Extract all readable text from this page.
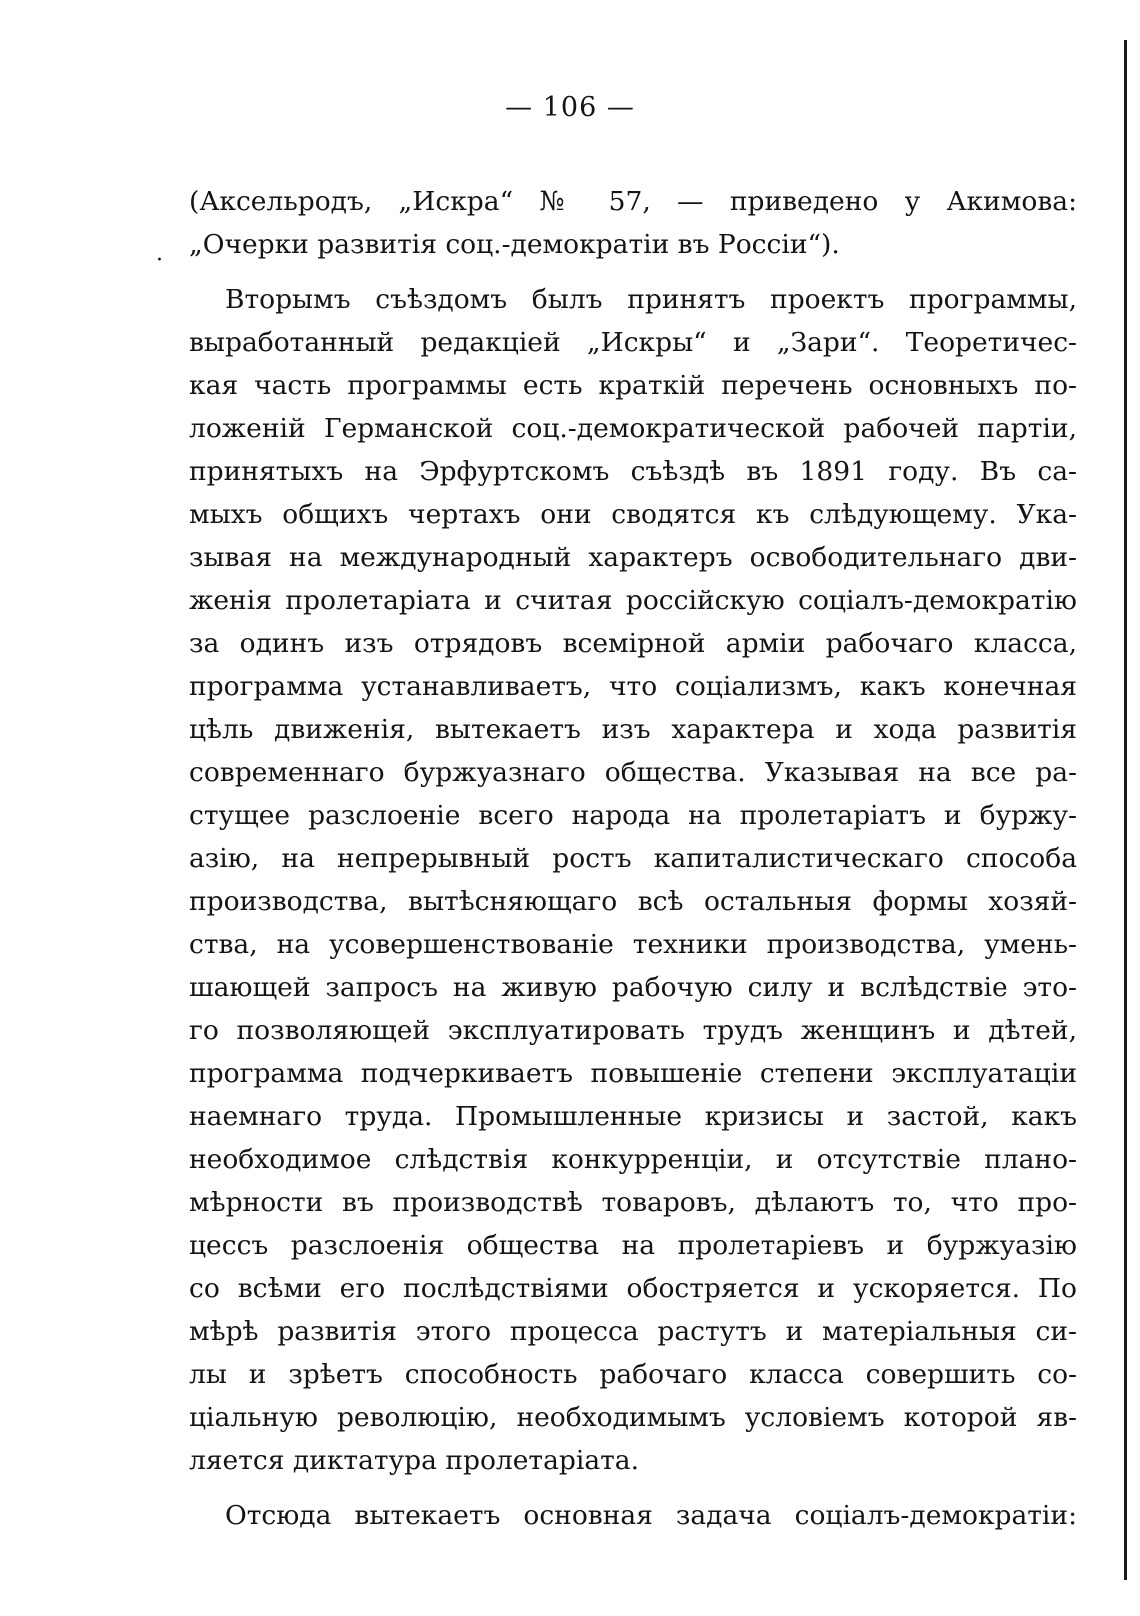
— 106 —
·
(Аксельродъ, „Искра“ № 57, — приведено у Акимова:
„Очерки развитія соц.-демократіи въ Россіи“).
Вторымъ съѣздомъ былъ принятъ проектъ программы,
выработанный редакціей „Искры“ и „Зари“. Теоретичес-
кая часть программы есть краткій перечень основныхъ по-
ложеній Германской соц.-демократической рабочей партіи,
принятыхъ на Эрфуртскомъ съѣздѣ въ 1891 году. Въ са-
мыхъ общихъ чертахъ они сводятся къ слѣдующему. Ука-
зывая на международный характеръ освободительнаго дви-
женія пролетаріата и считая россійскую соціалъ-демократію
за одинъ изъ отрядовъ всемірной арміи рабочаго класса,
программа устанавливаетъ, что соціализмъ, какъ конечная
цѣль движенія, вытекаетъ изъ характера и хода развитія
современнаго буржуазнаго общества. Указывая на все ра-
стущее разслоеніе всего народа на пролетаріатъ и буржу-
азію, на непрерывный ростъ капиталистическаго способа
производства, вытѣсняющаго всѣ остальныя формы хозяй-
ства, на усовершенствованіе техники производства, умень-
шающей запросъ на живую рабочую силу и вслѣдствіе это-
го позволяющей эксплуатировать трудъ женщинъ и дѣтей,
программа подчеркиваетъ повышеніе степени эксплуатаціи
наемнаго труда. Промышленные кризисы и застой, какъ
необходимое слѣдствія конкурренціи, и отсутствіе плано-
мѣрности въ производствѣ товаровъ, дѣлаютъ то, что про-
цессъ разслоенія общества на пролетаріевъ и буржуазію
со всѣми его послѣдствіями обостряется и ускоряется. По
мѣрѣ развитія этого процесса растутъ и матеріальныя си-
лы и зрѣетъ способность рабочаго класса совершить со-
ціальную революцію, необходимымъ условіемъ которой яв-
ляется диктатура пролетаріата.
Отсюда вытекаетъ основная задача соціалъ-демократіи:
